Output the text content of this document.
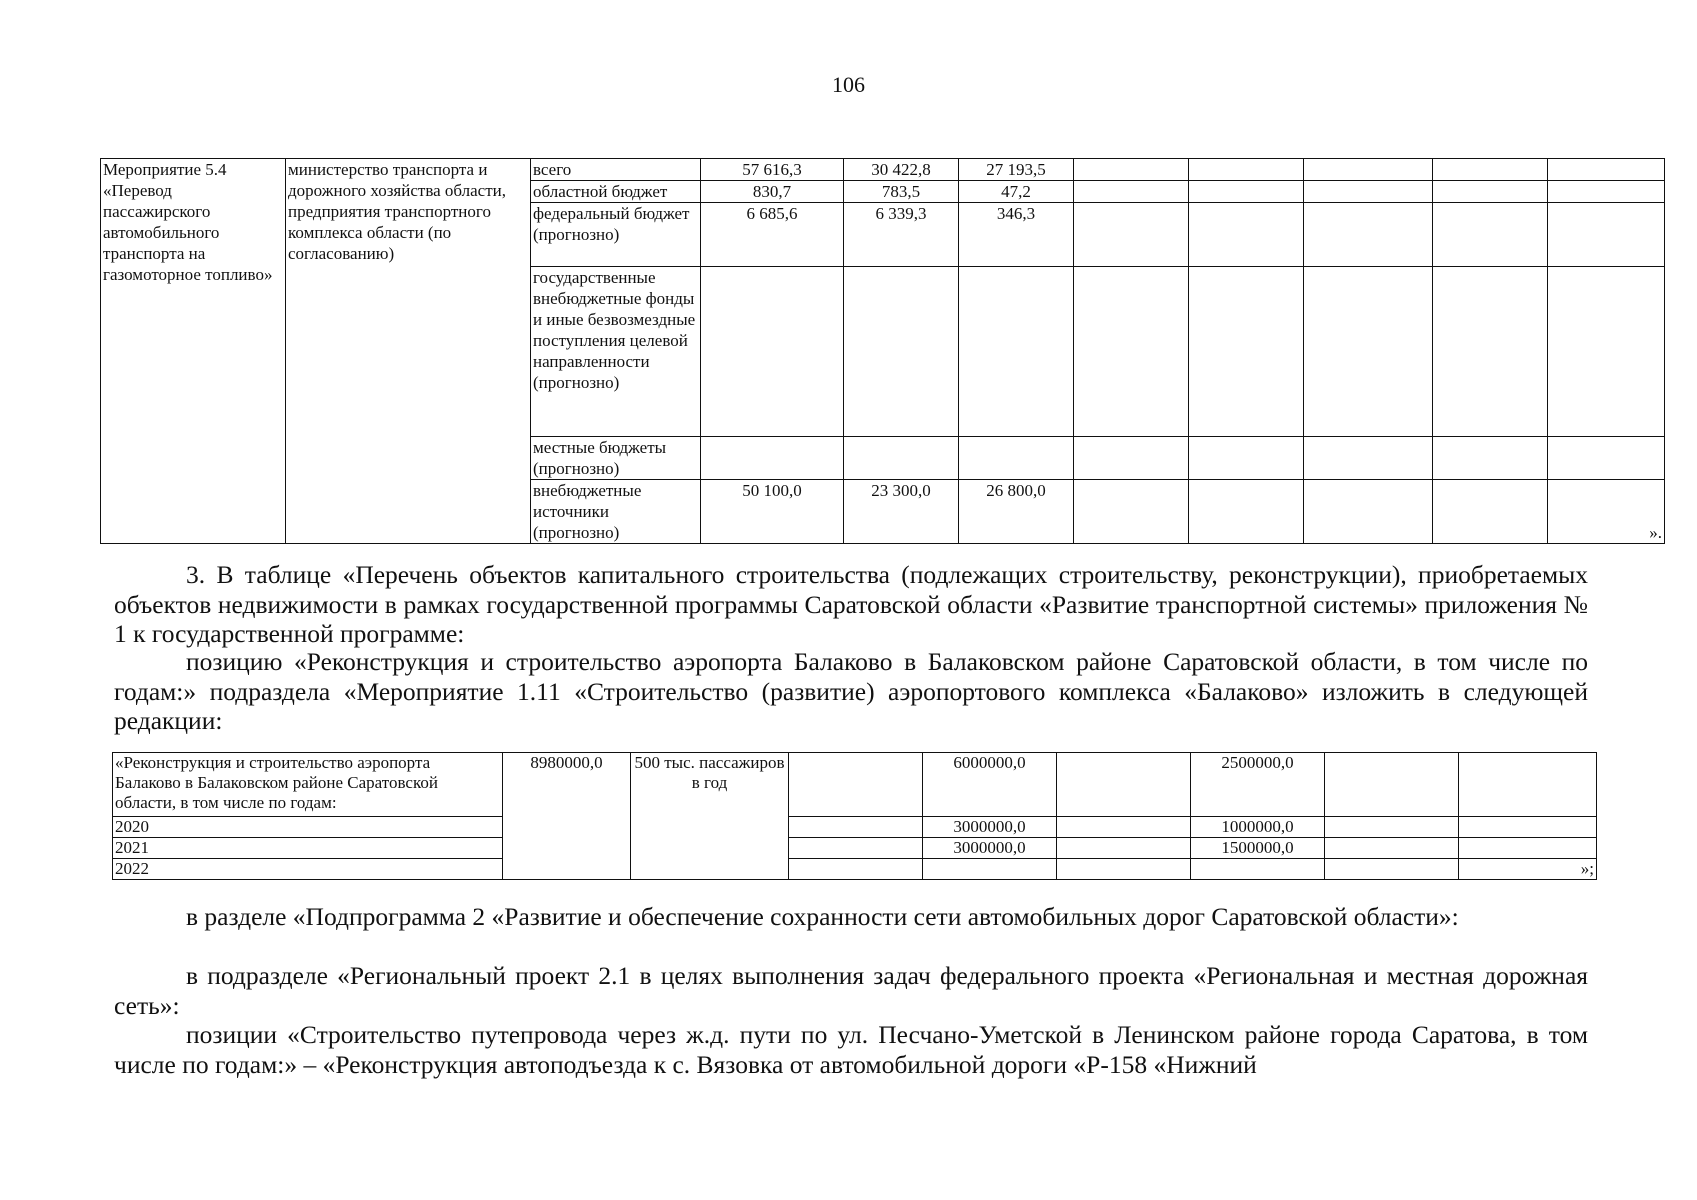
106
Мероприятие 5.4 «Перевод пассажирского автомобильного транспорта на газомоторное топливо»	министерство транспорта и дорожного хозяйства области, предприятия транспортного комплекса области (по согласованию)	всего	57 616,3	30 422,8	27 193,5					
		областной бюджет	830,7	783,5	47,2					
		федеральный бюджет (прогнозно)	6 685,6	6 339,3	346,3					
		государственные внебюджетные фонды и иные безвозмездные поступления целевой направленности (прогнозно)								
		местные бюджеты (прогнозно)								
		внебюджетные источники (прогнозно)	50 100,0	23 300,0	26 800,0					».
3. В таблице «Перечень объектов капитального строительства (подлежащих строительству, реконструкции), приобретаемых объектов недвижимости в рамках государственной программы Саратовской области «Развитие транспортной системы» приложения № 1 к государственной программе:
позицию «Реконструкция и строительство аэропорта Балаково в Балаковском районе Саратовской области, в том числе по годам:» подраздела «Мероприятие 1.11 «Строительство (развитие) аэропортового комплекса «Балаково» изложить в следующей редакции:
«Реконструкция и строительство аэропорта Балаково в Балаковском районе Саратовской области, в том числе по годам:	8980000,0	500 тыс. пассажиров в год		6000000,0		2500000,0		
2020				3000000,0		1000000,0		
2021				3000000,0		1500000,0		
2022								»;
в разделе «Подпрограмма 2 «Развитие и обеспечение сохранности сети автомобильных дорог Саратовской области»:
в подразделе «Региональный проект 2.1 в целях выполнения задач федерального проекта «Региональная и местная дорожная сеть»:
позиции «Строительство путепровода через ж.д. пути по ул. Песчано-Уметской в Ленинском районе города Саратова, в том числе по годам:» – «Реконструкция автоподъезда к с. Вязовка от автомобильной дороги «Р-158 «Нижний
